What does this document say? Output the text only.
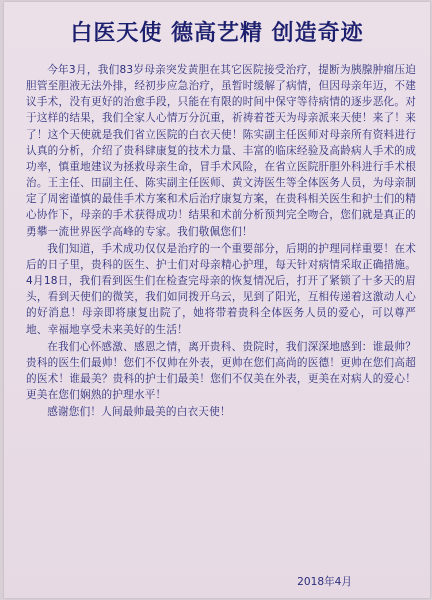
白医天使 德高艺精 创造奇迹

今年3月，我们83岁母亲突发黄胆在其它医院接受治疗，提断为胰腺肿瘤压迫胆管至胆液无法外排，经初步应急治疗，虽暂时缓解了病情，但因母亲年迈，不建议手术，没有更好的治愈手段，只能在有限的时间中保守等待病情的逐步恶化。对于这样的结果，我们全家人心情万分沉重，祈祷着苍天为母亲派来天使！来了！来了！这个天使就是我们省立医院的白衣天使！陈实副主任医师对母亲所有资料进行认真的分析，介绍了贵科肆康复的技术力量、丰富的临床经验及高龄病人手术的成功率，慎重地建议为拯救母亲生命，冒手术风险，在省立医院肝胆外科进行手术根治。王主任、田副主任、陈实副主任医师、黄文涛医生等全体医务人员，为母亲制定了周密谨慎的最佳手术方案和术后治疗康复方案，在贵科相关医生和护士们的精心协作下，母亲的手术获得成功！结果和术前分析预判完全吻合，您们就是真正的勇攀一流世界医学高峰的专家。我们敬佩您们！

我们知道，手术成功仅仅是治疗的一个重要部分，后期的护理同样重要！在术后的日子里，贵科的医生、护士们对母亲精心护理，每天针对病情采取正确措施。4月18日，我们看到医生们在检查完母亲的恢复情况后，打开了紧锁了十多天的眉头，看到天使们的微笑，我们如同拨开乌云，见到了阳光，互相传递着这激动人心的好消息！母亲即将康复出院了，她将带着贵科全体医务人员的爱心，可以尊严地、幸福地享受未来美好的生活！

在我们心怀感激、感恩之情，离开贵科、贵院时，我们深深地感到：谁最帅？贵科的医生们最帅！您们不仅帅在外表，更帅在您们高尚的医德！更帅在您们高超的医术！谁最美？贵科的护士们最美！您们不仅美在外表，更美在对病人的爱心！更美在您们娴熟的护理水平！

感谢您们！人间最帅最美的白衣天使！

2018年4月
